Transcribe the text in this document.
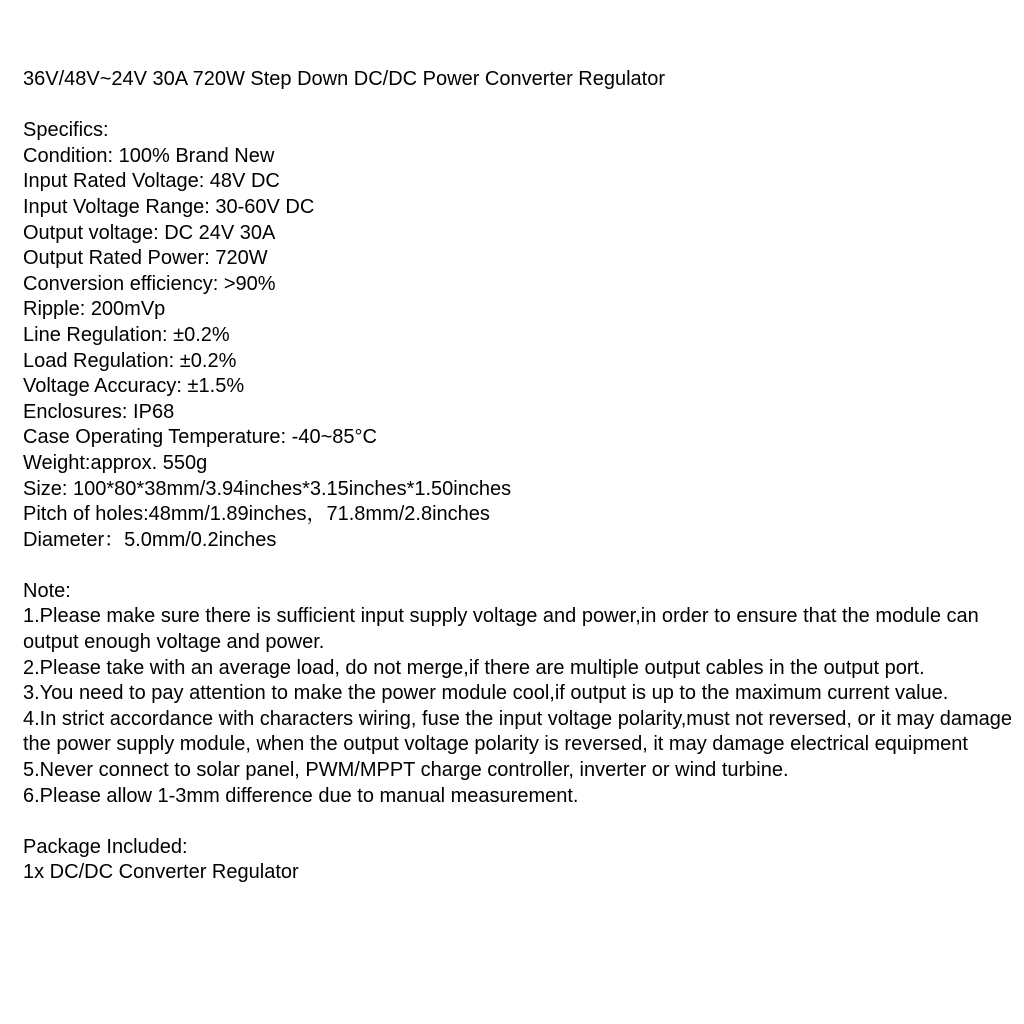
36V/48V~24V 30A 720W Step Down DC/DC Power Converter Regulator
Specifics:
Condition: 100% Brand New
Input Rated Voltage: 48V DC
Input Voltage Range: 30-60V DC
Output voltage: DC 24V 30A
Output Rated Power: 720W
Conversion efficiency: >90%
Ripple: 200mVp
Line Regulation: ±0.2%
Load Regulation: ±0.2%
Voltage Accuracy: ±1.5%
Enclosures: IP68
Case Operating Temperature: -40~85°C
Weight:approx. 550g
Size: 100*80*38mm/3.94inches*3.15inches*1.50inches
Pitch of holes:48mm/1.89inches，71.8mm/2.8inches
Diameter：5.0mm/0.2inches
Note:
1.Please make sure there is sufficient input supply voltage and power,in order to ensure that the module can output enough voltage and power.
2.Please take with an average load, do not merge,if there are multiple output cables in the output port.
3.You need to pay attention to make the power module cool,if output is up to the maximum current value.
4.In strict accordance with characters wiring, fuse the input voltage polarity,must not reversed, or it may damage the power supply module, when the output voltage polarity is reversed, it may damage electrical equipment
5.Never connect to solar panel, PWM/MPPT charge controller, inverter or wind turbine.
6.Please allow 1-3mm difference due to manual measurement.
Package Included:
1x DC/DC Converter Regulator
